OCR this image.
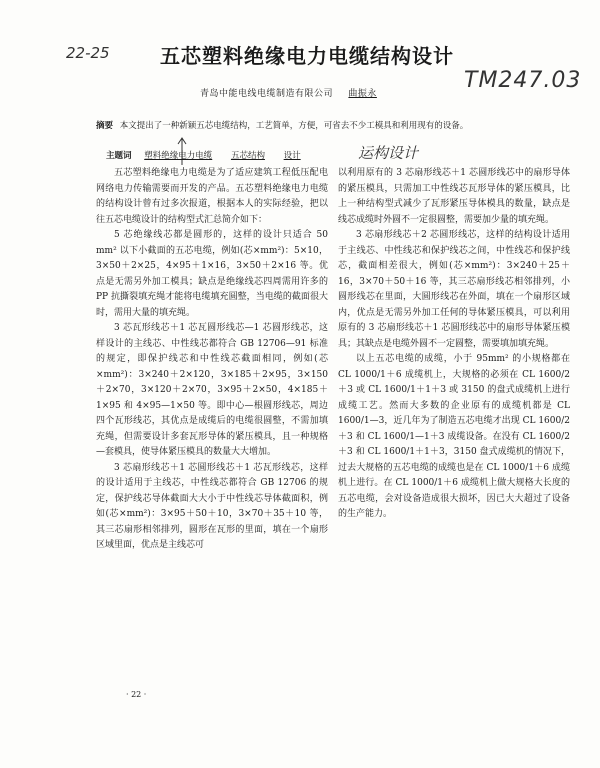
22-25	五芯塑料绝缘电力电缆结构设计
TM247.03
青岛中能电线电缆制造有限公司 曲振永
摘要 本文提出了一种新颖五芯电缆结构，工艺简单，方便，可省去不少工模具和利用现有的设备。
主题词 塑料绝缘电力电缆 五芯结构 设计	运构设计

五芯塑料绝缘电力电缆是为了适应建筑工程低压配电网络电力传输需要而开发的产品。五芯塑料绝缘电力电缆的结构设计曾有过多次报道，根据本人的实际经验，把以往五芯电缆设计的结构型式汇总简介如下：

5 芯绝缘线芯都是圆形的，这样的设计只适合 50 mm² 以下小截面的五芯电缆，例如(芯×mm²)：5×10，3×50＋2×25，4×95＋1×16，3×50＋2×16 等。优点是无需另外加工模具；缺点是绝缘线芯四周需用许多的PP 抗撕裂填充绳才能将电缆填充圆整，当电缆的截面很大时，需用大量的填充绳。

3 芯瓦形线芯＋1 芯瓦圆形线芯—1 芯圆形线芯，这样设计的主线芯、中性线芯都符合 GB 12706—91 标准的规定，即保护线芯和中性线芯截面相同，例如(芯×mm²)：3×240＋2×120，3×185＋2×95，3×150＋2×70，3×120＋2×70，3×95＋2×50，4×185＋1×95 和 4×95—1×50 等。即中心—根圆形线芯，周边四个瓦形线芯，其优点是成缆后的电缆很圆整，不需加填充绳，但需要设计多套瓦形导体的紧压模具，且一种规格—套模具，使导体紧压模具的数量大大增加。

3 芯扇形线芯＋1 芯圆形线芯＋1 芯瓦形线芯，这样的设计适用于主线芯，中性线芯都符合 GB 12706 的规定，保护线芯导体截面大大小于中性线芯导体截面积，例如(芯×mm²)：3×95＋50＋10，3×70＋35＋10 等，其三芯扇形相邻排列，圆形在瓦形的里面，填在一个扇形区域里面，优点是主线芯可

以利用原有的 3 芯扇形线芯＋1 芯圆形线芯中的扇形导体的紧压模具，只需加工中性线芯瓦形导体的紧压模具，比上一种结构型式减少了瓦形紧压导体模具的数量，缺点是线芯成缆时外圆不一定很圆整，需要加少量的填充绳。

3 芯扇形线芯＋2 芯圆形线芯，这样的结构设计适用于主线芯、中性线芯和保护线芯之间，中性线芯和保护线芯，截面相差很大，例如(芯×mm²)：3×240＋25＋16，3×70＋50＋16 等，其三芯扇形线芯相邻排列，小圆形线芯在里面，大圆形线芯在外面，填在一个扇形区域内，优点是无需另外加工任何的导体紧压模具，可以利用原有的 3 芯扇形线芯＋1 芯圆形线芯中的扇形导体紧压模具；其缺点是电缆外圆不一定圆整，需要填加填充绳。

以上五芯电缆的成缆，小于 95mm² 的小规格都在 CL 1000/1＋6 成缆机上，大规格的必须在 CL 1600/2＋3 或 CL 1600/1＋1＋3 或 3150 的盘式成缆机上进行成缆工艺。然而大多数的企业原有的成缆机都是 CL 1600/1—3，近几年为了制造五芯电缆才出现 CL 1600/2＋3 和 CL 1600/1—1＋3 成缆设备。在没有 CL 1600/2＋3 和 CL 1600/1＋1＋3，3150 盘式成缆机的情况下，过去大规格的五芯电缆的成缆也是在 CL 1000/1＋6 成缆机上进行。在 CL 1000/1＋6 成缆机上做大规格大长度的五芯电缆，会对设备造成很大损坏，因已大大超过了设备的生产能力。

· 22 ·
